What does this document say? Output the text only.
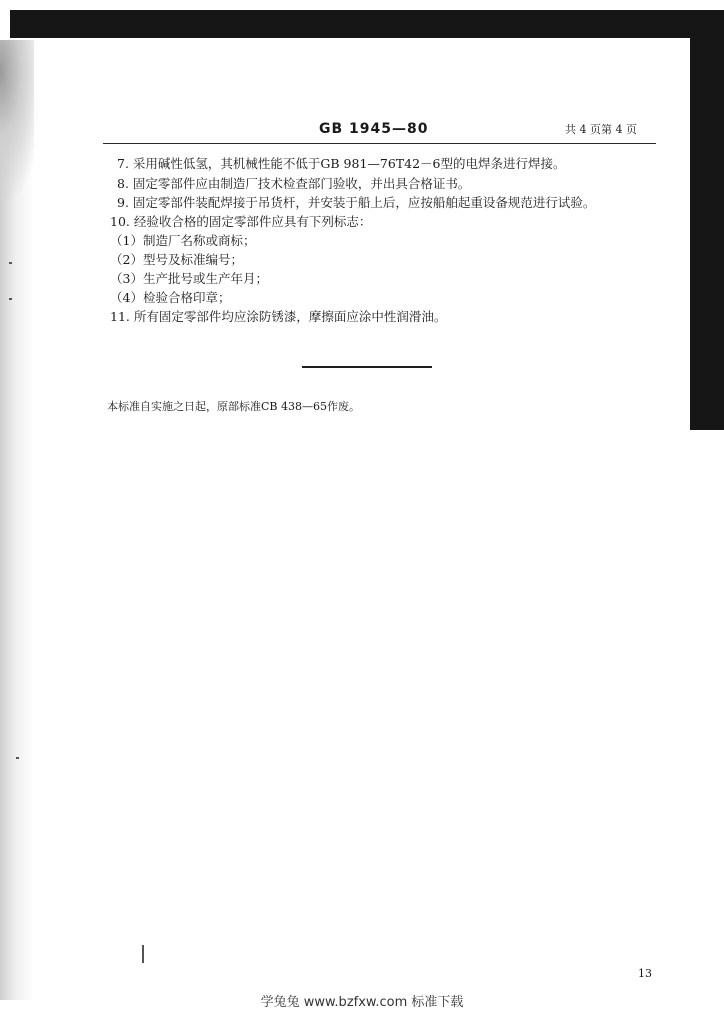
GB 1945—80	共 4 页第 4 页
7. 采用碱性低氢，其机械性能不低于GB 981—76T42－6型的电焊条进行焊接。
8. 固定零部件应由制造厂技术检查部门验收，并出具合格证书。
9. 固定零部件装配焊接于吊货杆，并安装于船上后，应按船舶起重设备规范进行试验。
10. 经验收合格的固定零部件应具有下列标志：
（1）制造厂名称或商标；
（2）型号及标准编号；
（3）生产批号或生产年月；
（4）检验合格印章；
11. 所有固定零部件均应涂防锈漆，摩擦面应涂中性润滑油。
本标准自实施之日起，原部标准CB 438—65作废。
13
学兔兔 www.bzfxw.com 标准下载
